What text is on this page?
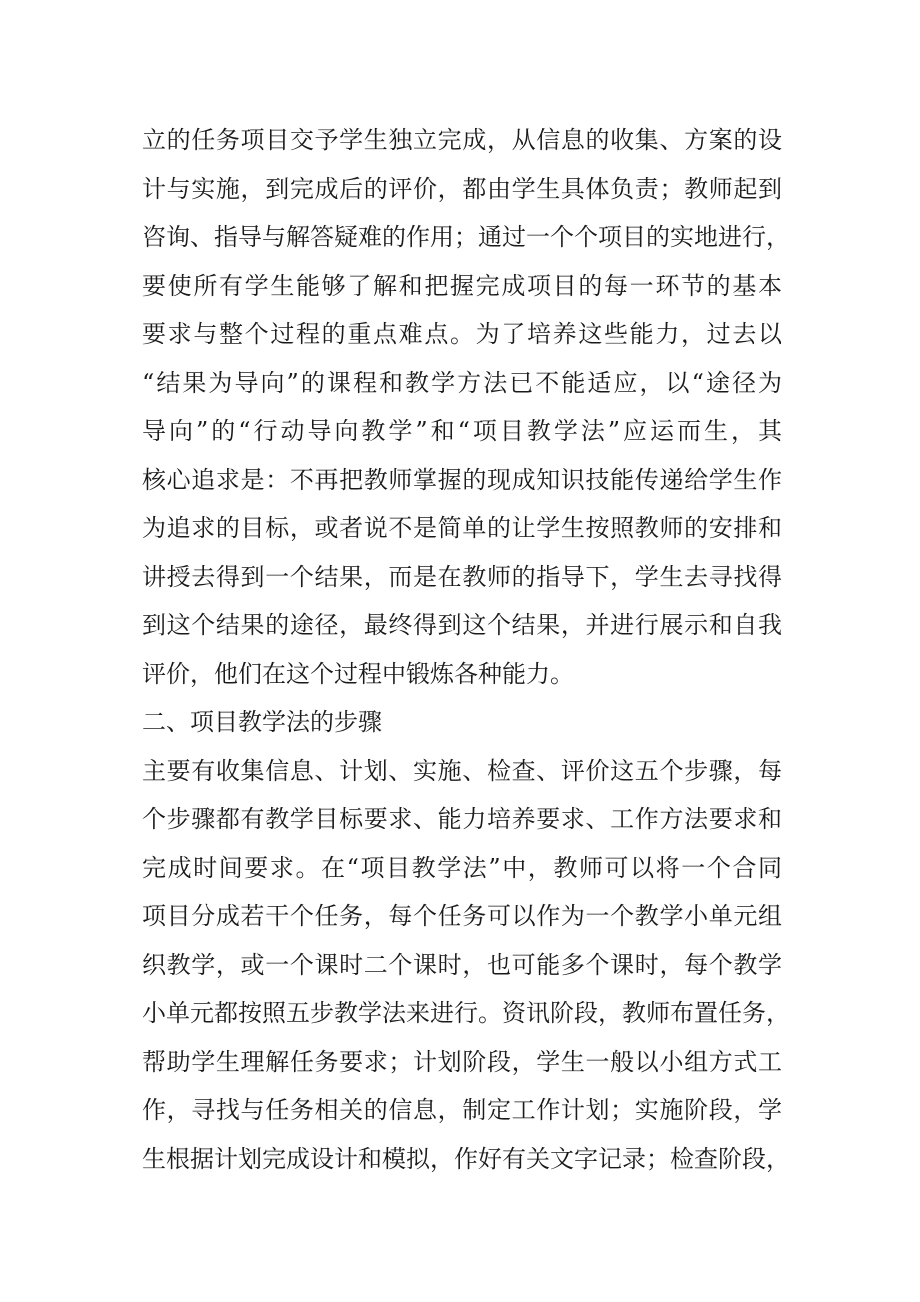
立的任务项目交予学生独立完成，从信息的收集、方案的设
计与实施，到完成后的评价，都由学生具体负责；教师起到
咨询、指导与解答疑难的作用；通过一个个项目的实地进行，
要使所有学生能够了解和把握完成项目的每一环节的基本
要求与整个过程的重点难点。为了培养这些能力，过去以
“结果为导向”的课程和教学方法已不能适应，以“途径为
导向”的“行动导向教学”和“项目教学法”应运而生，其
核心追求是：不再把教师掌握的现成知识技能传递给学生作
为追求的目标，或者说不是简单的让学生按照教师的安排和
讲授去得到一个结果，而是在教师的指导下，学生去寻找得
到这个结果的途径，最终得到这个结果，并进行展示和自我
评价，他们在这个过程中锻炼各种能力。
二、项目教学法的步骤
主要有收集信息、计划、实施、检查、评价这五个步骤，每
个步骤都有教学目标要求、能力培养要求、工作方法要求和
完成时间要求。在“项目教学法”中，教师可以将一个合同
项目分成若干个任务，每个任务可以作为一个教学小单元组
织教学，或一个课时二个课时，也可能多个课时，每个教学
小单元都按照五步教学法来进行。资讯阶段，教师布置任务，
帮助学生理解任务要求；计划阶段，学生一般以小组方式工
作，寻找与任务相关的信息，制定工作计划；实施阶段，学
生根据计划完成设计和模拟，作好有关文字记录；检查阶段，
